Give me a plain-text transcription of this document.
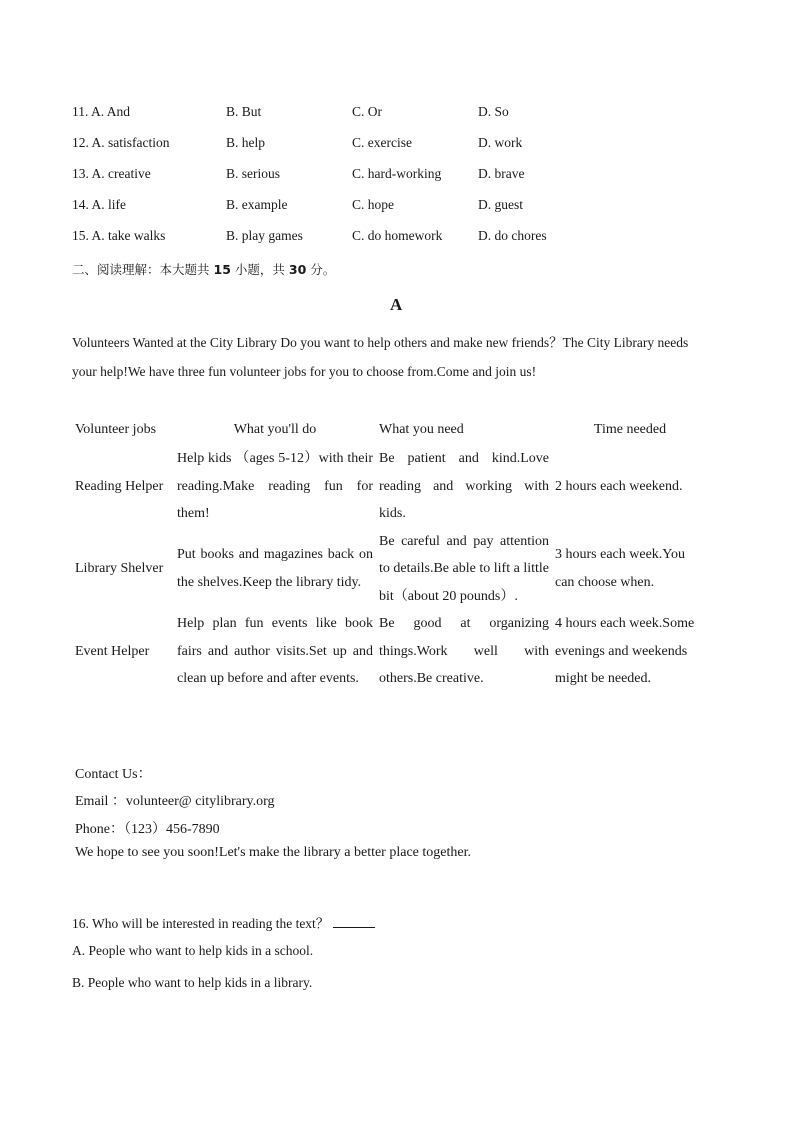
11. A. And	B. But	C. Or	D. So
12. A. satisfaction	B. help	C. exercise	D. work
13. A. creative	B. serious	C. hard-working	D. brave
14. A. life	B. example	C. hope	D. guest
15. A. take walks	B. play games	C. do homework	D. do chores
二、阅读理解：本大题共 15 小题，共 30 分。
A
Volunteers Wanted at the City Library Do you want to help others and make new friends？The City Library needs
your help!We have three fun volunteer jobs for you to choose from.Come and join us!
Volunteer jobs	What you'll do	What you need	Time needed
Reading Helper	Help kids （ages 5-12）with their reading.Make reading fun for them!	Be patient and kind.Love reading and working with kids.	2 hours each weekend.
Library Shelver	Put books and magazines back on the shelves.Keep the library tidy.	Be careful and pay attention to details.Be able to lift a little bit（about 20 pounds）.	3 hours each week.You can choose when.
Event Helper	Help plan fun events like book fairs and author visits.Set up and clean up before and after events.	Be good at organizing things.Work well with others.Be creative.	4 hours each week.Some evenings and weekends might be needed.
Contact Us：
Email ：volunteer@ citylibrary.org
Phone：（123）456-7890
We hope to see you soon!Let's make the library a better place together.
16. Who will be interested in reading the text？
A. People who want to help kids in a school.
B. People who want to help kids in a library.
